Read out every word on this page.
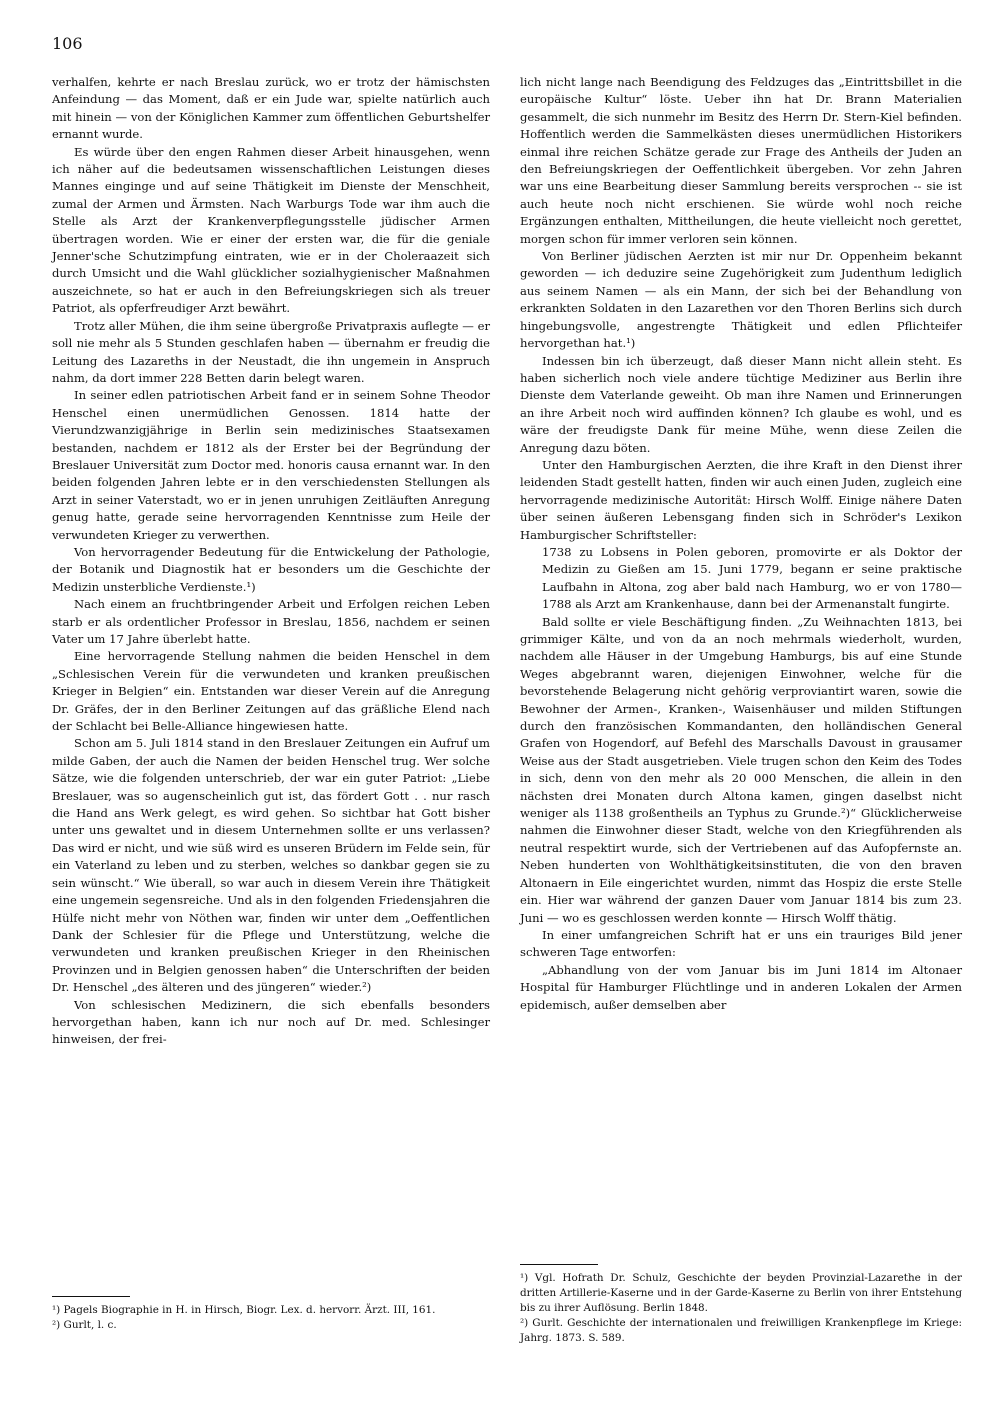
106

verhalfen, kehrte er nach Breslau zurück, wo er trotz der hämischsten Anfeindung — das Moment, daß er ein Jude war, spielte natürlich auch mit hinein — von der Königlichen Kammer zum öffentlichen Geburtshelfer ernannt wurde.

Es würde über den engen Rahmen dieser Arbeit hinausgehen, wenn ich näher auf die bedeutsamen wissenschaftlichen Leistungen dieses Mannes einginge und auf seine Thätigkeit im Dienste der Menschheit, zumal der Armen und Ärmsten. Nach Warburgs Tode war ihm auch die Stelle als Arzt der Krankenverpflegungsstelle jüdischer Armen übertragen worden. Wie er einer der ersten war, die für die geniale Jenner'sche Schutzimpfung eintraten, wie er in der Choleraazeit sich durch Umsicht und die Wahl glücklicher sozialhygienischer Maßnahmen auszeichnete, so hat er auch in den Befreiungskriegen sich als treuer Patriot, als opferfreudiger Arzt bewährt.

Trotz aller Mühen, die ihm seine übergroße Privatpraxis auflegte — er soll nie mehr als 5 Stunden geschlafen haben — übernahm er freudig die Leitung des Lazareths in der Neustadt, die ihn ungemein in Anspruch nahm, da dort immer 228 Betten darin belegt waren.

In seiner edlen patriotischen Arbeit fand er in seinem Sohne Theodor Henschel einen unermüdlichen Genossen. 1814 hatte der Vierundzwanzigjährige in Berlin sein medizinisches Staatsexamen bestanden, nachdem er 1812 als der Erster bei der Begründung der Breslauer Universität zum Doctor med. honoris causa ernannt war. In den beiden folgenden Jahren lebte er in den verschiedensten Stellungen als Arzt in seiner Vaterstadt, wo er in jenen unruhigen Zeitläuften Anregung genug hatte, gerade seine hervorragenden Kenntnisse zum Heile der verwundeten Krieger zu verwerthen.

Von hervorragender Bedeutung für die Entwickelung der Pathologie, der Botanik und Diagnostik hat er besonders um die Geschichte der Medizin unsterbliche Verdienste.¹)

Nach einem an fruchtbringender Arbeit und Erfolgen reichen Leben starb er als ordentlicher Professor in Breslau, 1856, nachdem er seinen Vater um 17 Jahre überlebt hatte.

Eine hervorragende Stellung nahmen die beiden Henschel in dem „Schlesischen Verein für die verwundeten und kranken preußischen Krieger in Belgien“ ein. Entstanden war dieser Verein auf die Anregung Dr. Gräfes, der in den Berliner Zeitungen auf das gräßliche Elend nach der Schlacht bei Belle-Alliance hingewiesen hatte.

Schon am 5. Juli 1814 stand in den Breslauer Zeitungen ein Aufruf um milde Gaben, der auch die Namen der beiden Henschel trug. Wer solche Sätze, wie die folgenden unterschrieb, der war ein guter Patriot: „Liebe Breslauer, was so augenscheinlich gut ist, das fördert Gott . . nur rasch die Hand ans Werk gelegt, es wird gehen. So sichtbar hat Gott bisher unter uns gewaltet und in diesem Unternehmen sollte er uns verlassen? Das wird er nicht, und wie süß wird es unseren Brüdern im Felde sein, für ein Vaterland zu leben und zu sterben, welches so dankbar gegen sie zu sein wünscht.“ Wie überall, so war auch in diesem Verein ihre Thätigkeit eine ungemein segensreiche. Und als in den folgenden Friedensjahren die Hülfe nicht mehr von Nöthen war, finden wir unter dem „Oeffentlichen Dank der Schlesier für die Pflege und Unterstützung, welche die verwundeten und kranken preußischen Krieger in den Rheinischen Provinzen und in Belgien genossen haben“ die Unterschriften der beiden Dr. Henschel „des älteren und des jüngeren“ wieder.²)

Von schlesischen Medizinern, die sich ebenfalls besonders hervorgethan haben, kann ich nur noch auf Dr. med. Schlesinger hinweisen, der frei-

lich nicht lange nach Beendigung des Feldzuges das „Eintrittsbillet in die europäische Kultur“ löste. Ueber ihn hat Dr. Brann Materialien gesammelt, die sich nunmehr im Besitz des Herrn Dr. Stern-Kiel befinden. Hoffentlich werden die Sammelkästen dieses unermüdlichen Historikers einmal ihre reichen Schätze gerade zur Frage des Antheils der Juden an den Befreiungskriegen der Oeffentlichkeit übergeben. Vor zehn Jahren war uns eine Bearbeitung dieser Sammlung bereits versprochen -- sie ist auch heute noch nicht erschienen. Sie würde wohl noch reiche Ergänzungen enthalten, Mittheilungen, die heute vielleicht noch gerettet, morgen schon für immer verloren sein können.

Von Berliner jüdischen Aerzten ist mir nur Dr. Oppenheim bekannt geworden — ich deduzire seine Zugehörigkeit zum Judenthum lediglich aus seinem Namen — als ein Mann, der sich bei der Behandlung von erkrankten Soldaten in den Lazarethen vor den Thoren Berlins sich durch hingebungsvolle, angestrengte Thätigkeit und edlen Pflichteifer hervorgethan hat.¹)

Indessen bin ich überzeugt, daß dieser Mann nicht allein steht. Es haben sicherlich noch viele andere tüchtige Mediziner aus Berlin ihre Dienste dem Vaterlande geweiht. Ob man ihre Namen und Erinnerungen an ihre Arbeit noch wird auffinden können? Ich glaube es wohl, und es wäre der freudigste Dank für meine Mühe, wenn diese Zeilen die Anregung dazu böten.

Unter den Hamburgischen Aerzten, die ihre Kraft in den Dienst ihrer leidenden Stadt gestellt hatten, finden wir auch einen Juden, zugleich eine hervorragende medizinische Autorität: Hirsch Wolff. Einige nähere Daten über seinen äußeren Lebensgang finden sich in Schröder's Lexikon Hamburgischer Schriftsteller:

1738 zu Lobsens in Polen geboren, promovirte er als Doktor der Medizin zu Gießen am 15. Juni 1779, begann er seine praktische Laufbahn in Altona, zog aber bald nach Hamburg, wo er von 1780—1788 als Arzt am Krankenhause, dann bei der Armenanstalt fungirte.

Bald sollte er viele Beschäftigung finden. „Zu Weihnachten 1813, bei grimmiger Kälte, und von da an noch mehrmals wiederholt, wurden, nachdem alle Häuser in der Umgebung Hamburgs, bis auf eine Stunde Weges abgebrannt waren, diejenigen Einwohner, welche für die bevorstehende Belagerung nicht gehörig verproviantirt waren, sowie die Bewohner der Armen-, Kranken-, Waisenhäuser und milden Stiftungen durch den französischen Kommandanten, den holländischen General Grafen von Hogendorf, auf Befehl des Marschalls Davoust in grausamer Weise aus der Stadt ausgetrieben. Viele trugen schon den Keim des Todes in sich, denn von den mehr als 20 000 Menschen, die allein in den nächsten drei Monaten durch Altona kamen, gingen daselbst nicht weniger als 1138 großentheils an Typhus zu Grunde.²)“ Glücklicherweise nahmen die Einwohner dieser Stadt, welche von den Kriegführenden als neutral respektirt wurde, sich der Vertriebenen auf das Aufopfernste an. Neben hunderten von Wohlthätigkeitsinstituten, die von den braven Altonaern in Eile eingerichtet wurden, nimmt das Hospiz die erste Stelle ein. Hier war während der ganzen Dauer vom Januar 1814 bis zum 23. Juni — wo es geschlossen werden konnte — Hirsch Wolff thätig.

In einer umfangreichen Schrift hat er uns ein trauriges Bild jener schweren Tage entworfen:

„Abhandlung von der vom Januar bis im Juni 1814 im Altonaer Hospital für Hamburger Flüchtlinge und in anderen Lokalen der Armen epidemisch, außer demselben aber

¹) Pagels Biographie in H. in Hirsch, Biogr. Lex. d. hervorr. Ärzt. III, 161.

²) Gurlt, l. c.

¹) Vgl. Hofrath Dr. Schulz, Geschichte der beyden Provinzial-Lazarethe in der dritten Artillerie-Kaserne und in der Garde-Kaserne zu Berlin von ihrer Entstehung bis zu ihrer Auflösung. Berlin 1848.

²) Gurlt. Geschichte der internationalen und freiwilligen Krankenpflege im Kriege: Jahrg. 1873. S. 589.
